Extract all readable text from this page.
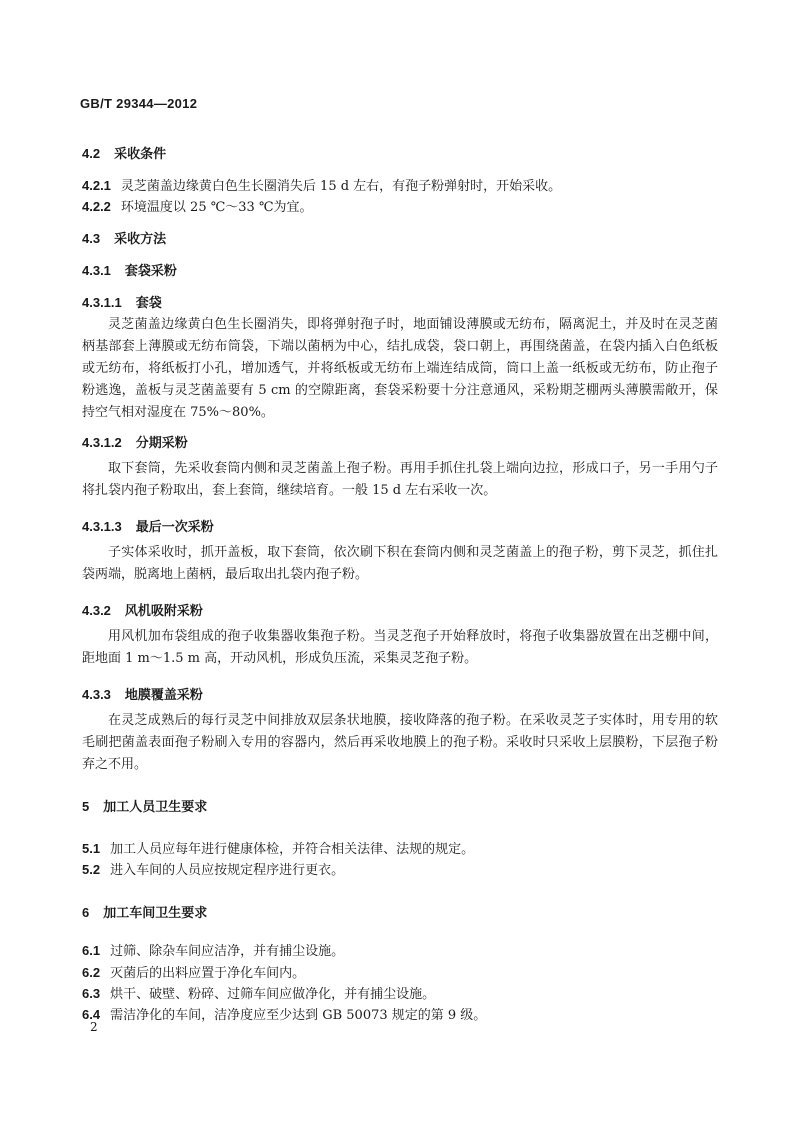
GB/T 29344—2012
4.2 采收条件
4.2.1 灵芝菌盖边缘黄白色生长圈消失后 15 d 左右，有孢子粉弹射时，开始采收。
4.2.2 环境温度以 25 ℃～33 ℃为宜。
4.3 采收方法
4.3.1 套袋采粉
4.3.1.1 套袋
灵芝菌盖边缘黄白色生长圈消失，即将弹射孢子时，地面铺设薄膜或无纺布，隔离泥土，并及时在灵芝菌柄基部套上薄膜或无纺布筒袋，下端以菌柄为中心，结扎成袋，袋口朝上，再围绕菌盖，在袋内插入白色纸板或无纺布，将纸板打小孔，增加透气，并将纸板或无纺布上端连结成筒，筒口上盖一纸板或无纺布，防止孢子粉逃逸，盖板与灵芝菌盖要有 5 cm 的空隙距离，套袋采粉要十分注意通风，采粉期芝棚两头薄膜需敞开，保持空气相对湿度在 75%～80%。
4.3.1.2 分期采粉
取下套筒，先采收套筒内侧和灵芝菌盖上孢子粉。再用手抓住扎袋上端向边拉，形成口子，另一手用勺子将扎袋内孢子粉取出，套上套筒，继续培育。一般 15 d 左右采收一次。
4.3.1.3 最后一次采粉
子实体采收时，抓开盖板，取下套筒，依次刷下积在套筒内侧和灵芝菌盖上的孢子粉，剪下灵芝，抓住扎袋两端，脱离地上菌柄，最后取出扎袋内孢子粉。
4.3.2 风机吸附采粉
用风机加布袋组成的孢子收集器收集孢子粉。当灵芝孢子开始释放时，将孢子收集器放置在出芝棚中间，距地面 1 m～1.5 m 高，开动风机，形成负压流，采集灵芝孢子粉。
4.3.3 地膜覆盖采粉
在灵芝成熟后的每行灵芝中间排放双层条状地膜，接收降落的孢子粉。在采收灵芝子实体时，用专用的软毛刷把菌盖表面孢子粉刷入专用的容器内，然后再采收地膜上的孢子粉。采收时只采收上层膜粉，下层孢子粉弃之不用。
5 加工人员卫生要求
5.1 加工人员应每年进行健康体检，并符合相关法律、法规的规定。
5.2 进入车间的人员应按规定程序进行更衣。
6 加工车间卫生要求
6.1 过筛、除杂车间应洁净，并有捕尘设施。
6.2 灭菌后的出料应置于净化车间内。
6.3 烘干、破壁、粉碎、过筛车间应做净化，并有捕尘设施。
6.4 需洁净化的车间，洁净度应至少达到 GB 50073 规定的第 9 级。
2
